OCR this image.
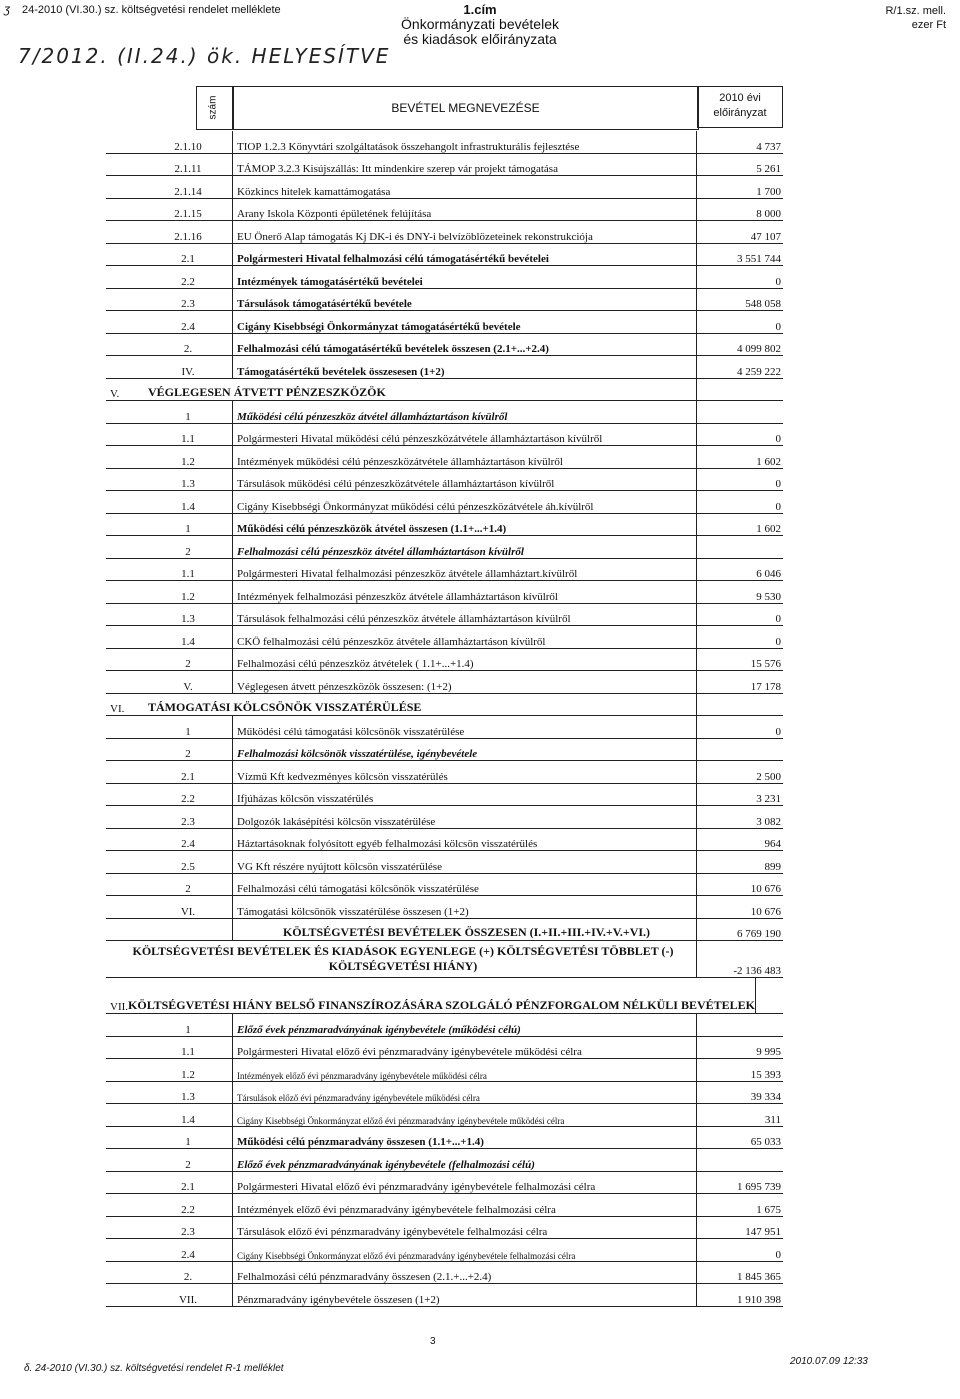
ʒ 24-2010 (VI.30.) sz. költségvetési rendelet melléklete	1.cím
Önkormányzati bevételek
és kiadások előirányzata
R/1.sz. mell.
ezer Ft
7/2012. (II.24.) ök. HELYESÍTVE
szám	BEVÉTEL MEGNEVEZÉSE
2010 évi
előirányzat
2.1.10	TIOP 1.2.3 Könyvtári szolgáltatások összehangolt infrastrukturális fejlesztése	4 737
2.1.11	TÁMOP 3.2.3 Kisújszállás: Itt mindenkire szerep vár projekt támogatása	5 261
2.1.14	Közkincs hitelek kamattámogatása	1 700
2.1.15	Arany Iskola Központi épületének felújítása	8 000
2.1.16	EU Önerő Alap támogatás Kj DK-i és DNY-i belvízöblözeteinek rekonstrukciója	47 107
2.1	Polgármesteri Hivatal felhalmozási célú támogatásértékű bevételei	3 551 744
2.2	Intézmények támogatásértékű bevételei	0
2.3	Társulások támogatásértékű bevétele	548 058
2.4	Cigány Kisebbségi Önkormányzat támogatásértékű bevétele	0
2.	Felhalmozási célú támogatásértékű bevételek összesen (2.1+...+2.4)	4 099 802
IV.	Támogatásértékű bevételek összesesen (1+2)	4 259 222
V.	VÉGLEGESEN ÁTVETT PÉNZESZKÖZÖK
1	Működési célú pénzeszköz átvétel államháztartáson kívülről
1.1	Polgármesteri Hivatal működési célú pénzeszközátvétele államháztartáson kívülről	0
1.2	Intézmények működési célú pénzeszközátvétele államháztartáson kívülről	1 602
1.3	Társulások működési célú pénzeszközátvétele államháztartáson kívülről	0
1.4	Cigány Kisebbségi Önkormányzat működési célú pénzeszközátvétele áh.kívülről	0
1	Működési célú pénzeszközök átvétel összesen (1.1+...+1.4)	1 602
2	Felhalmozási célú pénzeszköz átvétel államháztartáson kívülről
1.1	Polgármesteri Hivatal felhalmozási pénzeszköz átvétele államháztart.kívülről	6 046
1.2	Intézmények felhalmozási pénzeszköz átvétele államháztartáson kívülről	9 530
1.3	Társulások felhalmozási célú pénzeszköz átvétele államháztartáson kívülről	0
1.4	CKÖ felhalmozási célú pénzeszköz átvétele államháztartáson kívülről	0
2	Felhalmozási célú pénzeszköz átvételek ( 1.1+...+1.4)	15 576
V.	Véglegesen átvett pénzeszközök összesen: (1+2)	17 178
VI.	TÁMOGATÁSI KÖLCSÖNÖK VISSZATÉRÜLÉSE
1	Működési célú támogatási kölcsönök visszatérülése	0
2	Felhalmozási kölcsönök visszatérülése, igénybevétele
2.1	Vízmű Kft kedvezményes kölcsön visszatérülés	2 500
2.2	Ifjúházas kölcsön visszatérülés	3 231
2.3	Dolgozók lakásépítési kölcsön visszatérülése	3 082
2.4	Háztartásoknak folyósított egyéb felhalmozási kölcsön visszatérülés	964
2.5	VG Kft részére nyújtott kölcsön visszatérülése	899
2	Felhalmozási célú támogatási kölcsönök visszatérülése	10 676
VI.	Támogatási kölcsönök visszatérülése összesen (1+2)	10 676
KÖLTSÉGVETÉSI BEVÉTELEK ÖSSZESEN (I.+II.+III.+IV.+V.+VI.)	6 769 190
KÖLTSÉGVETÉSI BEVÉTELEK ÉS KIADÁSOK EGYENLEGE (+) KÖLTSÉGVETÉSI TÖBBLET (-) KÖLTSÉGVETÉSI HIÁNY)	-2 136 483
VII. KÖLTSÉGVETÉSI HIÁNY BELSŐ FINANSZÍROZÁSÁRA SZOLGÁLÓ PÉNZFORGALOM NÉLKÜLI BEVÉTELEK
1	Előző évek pénzmaradványának igénybevétele (működési célú)
1.1	Polgármesteri Hivatal előző évi pénzmaradvány igénybevétele működési célra	9 995
1.2	Intézmények előző évi pénzmaradvány igénybevétele működési célra	15 393
1.3	Társulások előző évi pénzmaradvány igénybevétele működési célra	39 334
1.4	Cigány Kisebbségi Önkormányzat előző évi pénzmaradvány igénybevétele működési célra	311
1	Működési célú pénzmaradvány összesen (1.1+...+1.4)	65 033
2	Előző évek pénzmaradványának igénybevétele (felhalmozási célú)
2.1	Polgármesteri Hivatal előző évi pénzmaradvány igénybevétele felhalmozási célra	1 695 739
2.2	Intézmények előző évi pénzmaradvány igénybevétele felhalmozási célra	1 675
2.3	Társulások előző évi pénzmaradvány igénybevétele felhalmozási célra	147 951
2.4	Cigány Kisebbségi Önkormányzat előző évi pénzmaradvány igénybevétele felhalmozási célra	0
2.	Felhalmozási célú pénzmaradvány összesen (2.1.+...+2.4)	1 845 365
VII.	Pénzmaradvány igénybevétele összesen (1+2)	1 910 398
δ. 24-2010 (VI.30.) sz. költségvetési rendelet R-1 melléklet
3
2010.07.09 12:33
